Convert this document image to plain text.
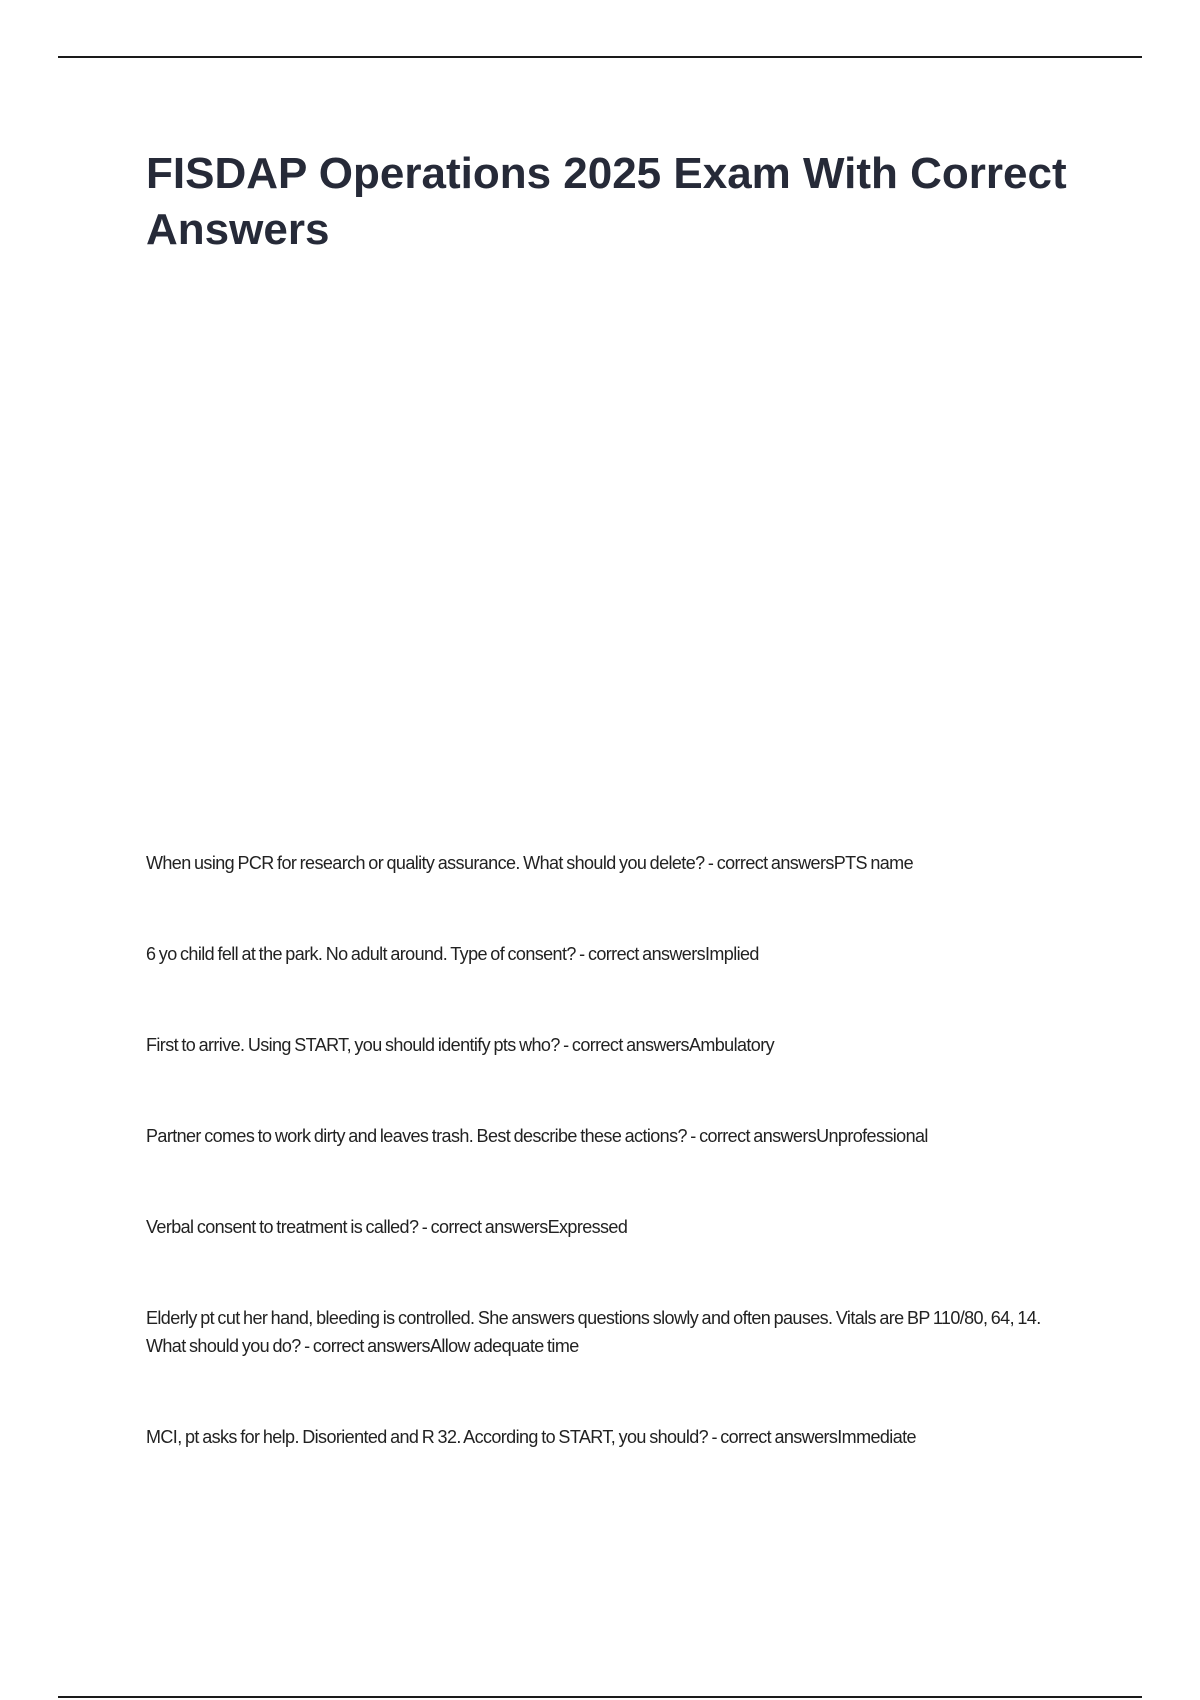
FISDAP Operations 2025 Exam With Correct Answers
When using PCR for research or quality assurance. What should you delete? - correct answersPTS name
6 yo child fell at the park. No adult around. Type of consent? - correct answersImplied
First to arrive. Using START, you should identify pts who? - correct answersAmbulatory
Partner comes to work dirty and leaves trash. Best describe these actions? - correct answersUnprofessional
Verbal consent to treatment is called? - correct answersExpressed
Elderly pt cut her hand, bleeding is controlled. She answers questions slowly and often pauses. Vitals are BP 110/80, 64, 14. What should you do? - correct answersAllow adequate time
MCI, pt asks for help. Disoriented and R 32. According to START, you should? - correct answersImmediate
